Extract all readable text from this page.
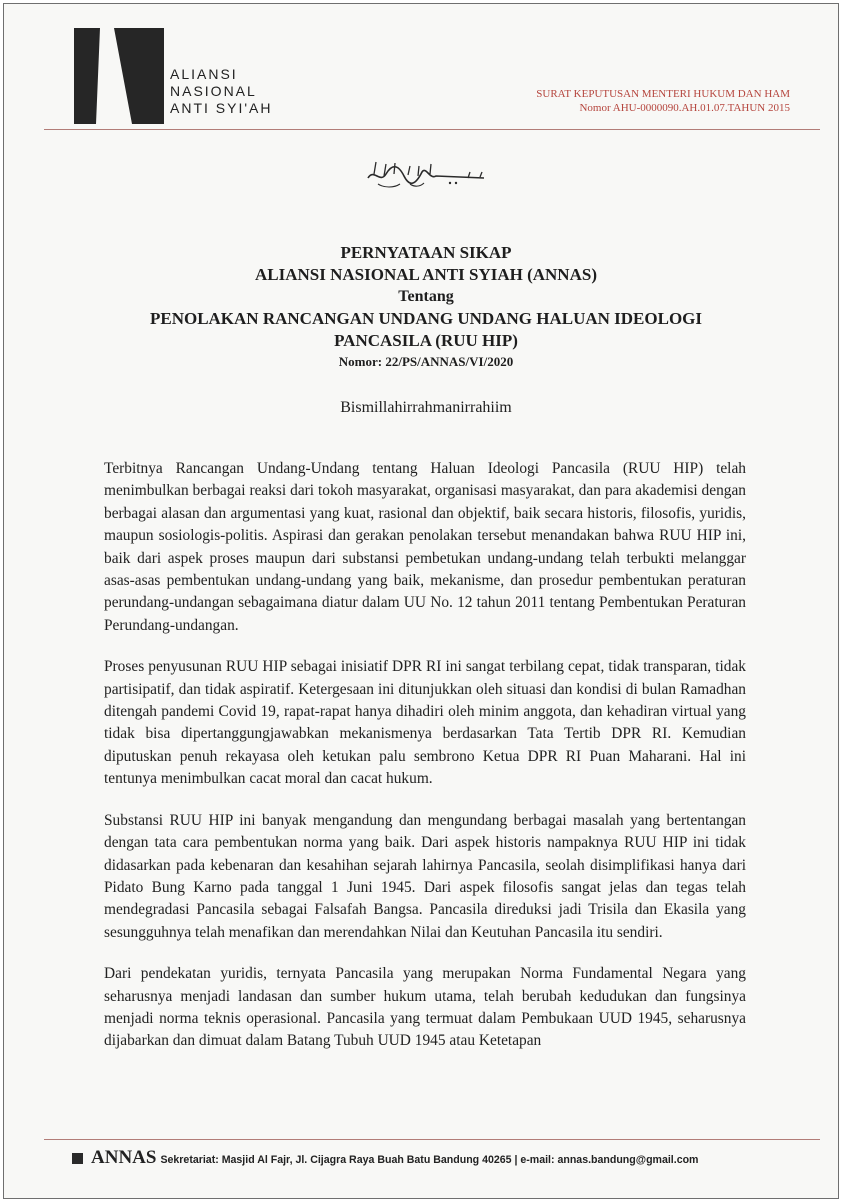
ALIANSI
NASIONAL
ANTI SYI'AH
SURAT KEPUTUSAN MENTERI HUKUM DAN HAM
Nomor AHU-0000090.AH.01.07.TAHUN 2015
PERNYATAAN SIKAP
ALIANSI NASIONAL ANTI SYIAH (ANNAS)
Tentang
PENOLAKAN RANCANGAN UNDANG UNDANG HALUAN IDEOLOGI
PANCASILA (RUU HIP)
Nomor: 22/PS/ANNAS/VI/2020
Bismillahirrahmanirrahiim

Terbitnya Rancangan Undang-Undang tentang Haluan Ideologi Pancasila (RUU HIP) telah menimbulkan berbagai reaksi dari tokoh masyarakat, organisasi masyarakat, dan para akademisi dengan berbagai alasan dan argumentasi yang kuat, rasional dan objektif, baik secara historis, filosofis, yuridis, maupun sosiologis-politis. Aspirasi dan gerakan penolakan tersebut menandakan bahwa RUU HIP ini, baik dari aspek proses maupun dari substansi pembetukan undang-undang telah terbukti melanggar asas-asas pembentukan undang-undang yang baik, mekanisme, dan prosedur pembentukan peraturan perundang-undangan sebagaimana diatur dalam UU No. 12 tahun 2011 tentang Pembentukan Peraturan Perundang-undangan.

Proses penyusunan RUU HIP sebagai inisiatif DPR RI ini sangat terbilang cepat, tidak transparan, tidak partisipatif, dan tidak aspiratif. Ketergesaan ini ditunjukkan oleh situasi dan kondisi di bulan Ramadhan ditengah pandemi Covid 19, rapat-rapat hanya dihadiri oleh minim anggota, dan kehadiran virtual yang tidak bisa dipertanggungjawabkan mekanismenya berdasarkan Tata Tertib DPR RI. Kemudian diputuskan penuh rekayasa oleh ketukan palu sembrono Ketua DPR RI Puan Maharani. Hal ini tentunya menimbulkan cacat moral dan cacat hukum.

Substansi RUU HIP ini banyak mengandung dan mengundang berbagai masalah yang bertentangan dengan tata cara pembentukan norma yang baik. Dari aspek historis nampaknya RUU HIP ini tidak didasarkan pada kebenaran dan kesahihan sejarah lahirnya Pancasila, seolah disimplifikasi hanya dari Pidato Bung Karno pada tanggal 1 Juni 1945. Dari aspek filosofis sangat jelas dan tegas telah mendegradasi Pancasila sebagai Falsafah Bangsa. Pancasila direduksi jadi Trisila dan Ekasila yang sesungguhnya telah menafikan dan merendahkan Nilai dan Keutuhan Pancasila itu sendiri.

Dari pendekatan yuridis, ternyata Pancasila yang merupakan Norma Fundamental Negara yang seharusnya menjadi landasan dan sumber hukum utama, telah berubah kedudukan dan fungsinya menjadi norma teknis operasional. Pancasila yang termuat dalam Pembukaan UUD 1945, seharusnya dijabarkan dan dimuat dalam Batang Tubuh UUD 1945 atau Ketetapan

ANNAS Sekretariat: Masjid Al Fajr, Jl. Cijagra Raya Buah Batu Bandung 40265 | e-mail: annas.bandung@gmail.com
